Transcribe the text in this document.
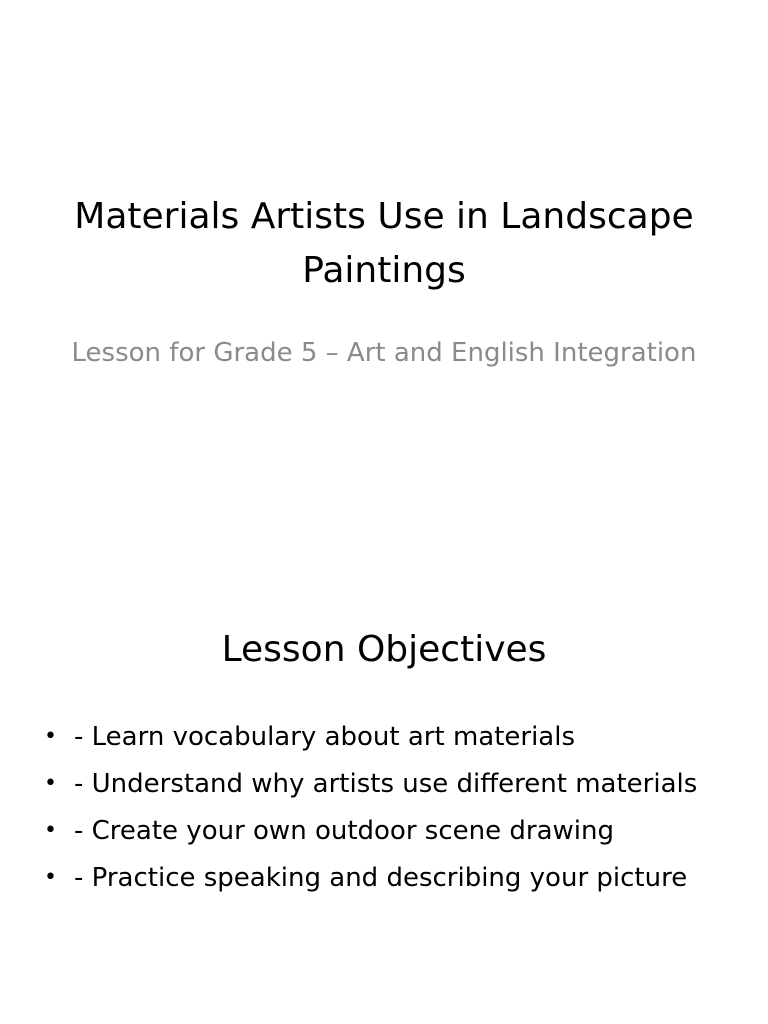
Materials Artists Use in Landscape Paintings

Lesson for Grade 5 – Art and English Integration

Lesson Objectives
• - Learn vocabulary about art materials
• - Understand why artists use different materials
• - Create your own outdoor scene drawing
• - Practice speaking and describing your picture
